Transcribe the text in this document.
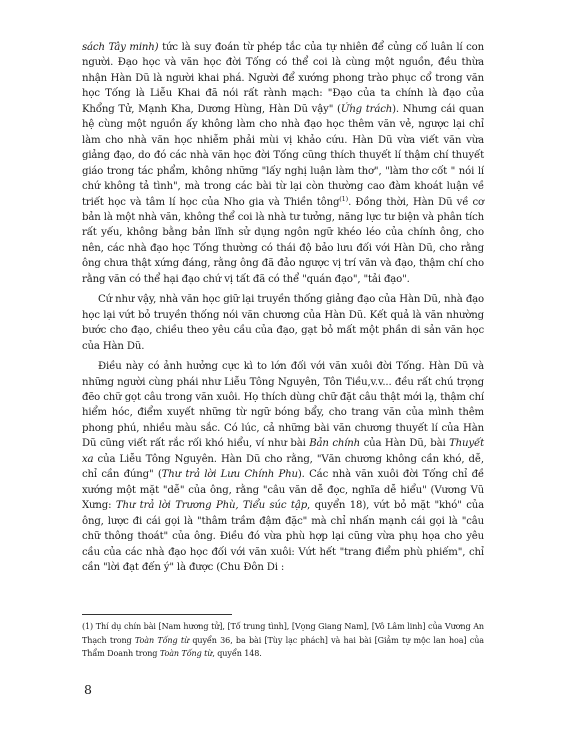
sách Tây minh) tức là suy đoán từ phép tắc của tự nhiên để củng cố luân lí con người. Đạo học và văn học đời Tống có thể coi là cùng một nguồn, đều thừa nhận Hàn Dũ là người khai phá. Người để xướng phong trào phục cổ trong văn học Tống là Liễu Khai đã nói rất rành mạch: "Đạo của ta chính là đạo của Khổng Tử, Mạnh Kha, Dương Hùng, Hàn Dũ vậy" (Ứng trách). Nhưng cái quan hệ cùng một nguồn ấy không làm cho nhà đạo học thêm văn vẻ, ngược lại chỉ làm cho nhà văn học nhiễm phải mùi vị khảo cứu. Hàn Dũ vừa viết văn vừa giảng đạo, do đó các nhà văn học đời Tống cũng thích thuyết lí thậm chí thuyết giáo trong tác phẩm, không những "lấy nghị luận làm thơ", "làm thơ cốt " nói lí chứ không tả tình", mà trong các bài từ lại còn thường cao đàm khoát luận về triết học và tâm lí học của Nho gia và Thiền tông$^{(1)}$. Đồng thời, Hàn Dũ về cơ bản là một nhà văn, không thể coi là nhà tư tưởng, năng lực tư biện và phân tích rất yếu, không bằng bản lĩnh sử dụng ngôn ngữ khéo léo của chính ông, cho nên, các nhà đạo học Tống thường có thái độ bảo lưu đối với Hàn Dũ, cho rằng ông chưa thật xứng đáng, rằng ông đã đảo ngược vị trí văn và đạo, thậm chí cho rằng văn có thể hại đạo chứ vị tất đã có thể "quán đạo", "tải đạo".

Cứ như vậy, nhà văn học giữ lại truyền thống giảng đạo của Hàn Dũ, nhà đạo học lại vứt bỏ truyền thống nói văn chương của Hàn Dũ. Kết quả là văn nhường bước cho đạo, chiều theo yêu cầu của đạo, gạt bỏ mất một phần di sản văn học của Hàn Dũ.

Điều này có ảnh hưởng cực kì to lớn đối với văn xuôi đời Tống. Hàn Dũ và những người cùng phái như Liễu Tông Nguyên, Tôn Tiều,v.v... đều rất chú trọng đẽo chữ gọt câu trong văn xuôi. Họ thích dùng chữ đặt câu thật mới lạ, thậm chí hiểm hóc, điểm xuyết những từ ngữ bóng bẩy, cho trang văn của mình thêm phong phú, nhiều màu sắc. Có lúc, cả những bài văn chương thuyết lí của Hàn Dũ cũng viết rất rắc rối khó hiểu, ví như bài Bản chính của Hàn Dũ, bài Thuyết xa của Liễu Tông Nguyên. Hàn Dũ cho rằng, "Văn chương không cần khó, dễ, chỉ cần đúng" (Thư trả lời Lưu Chính Phu). Các nhà văn xuôi đời Tống chỉ đề xướng một mặt "dễ" của ông, rằng "câu văn dễ đọc, nghĩa dễ hiểu" (Vương Vũ Xưng: Thư trả lời Trương Phù, Tiểu súc tập, quyển 18), vứt bỏ mặt "khó" của ông, lược đi cái gọi là "thâm trầm đậm đặc" mà chỉ nhấn mạnh cái gọi là "câu chữ thông thoát" của ông. Điều đó vừa phù hợp lại cũng vừa phụ họa cho yêu cầu của các nhà đạo học đối với văn xuôi: Vứt hết "trang điểm phù phiếm", chỉ cần "lời đạt đến ý" là được (Chu Đôn Di :

(1) Thí dụ chín bài [Nam hương tử], [Tố trung tình], [Vọng Giang Nam], [Vô Lâm linh] của Vương An Thạch trong Toàn Tống từ quyển 36, ba bài [Tùy lạc phách] và hai bài [Giảm tự mộc lan hoa] của Thẩm Doanh trong Toàn Tống từ, quyển 148.

8
